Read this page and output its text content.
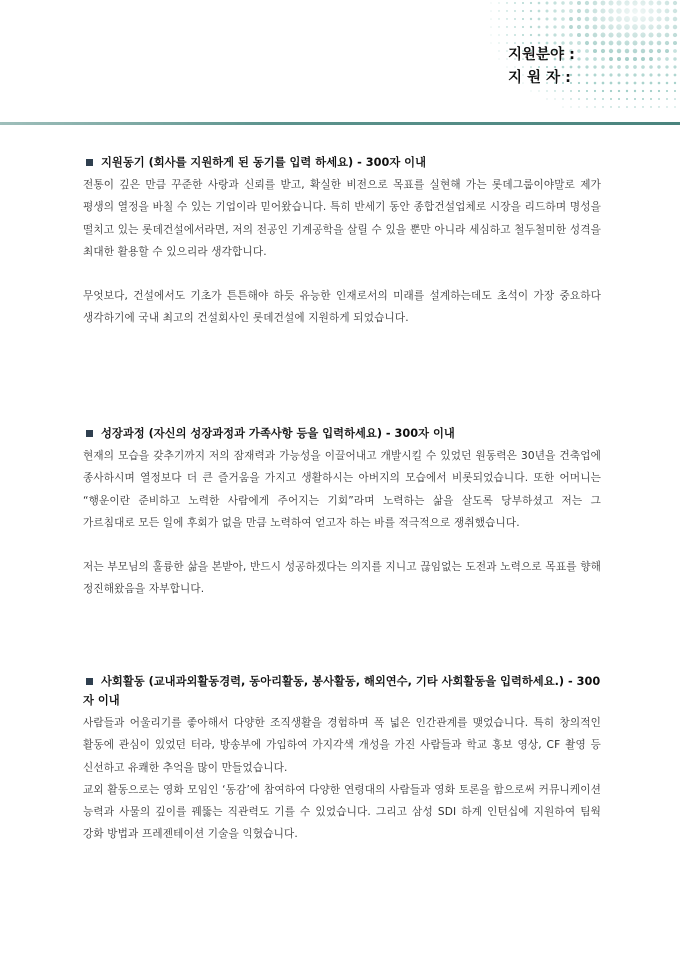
지원분야 :
지 원 자 :

지원동기 (회사를 지원하게 된 동기를 입력 하세요) - 300자 이내

전통이 깊은 만큼 꾸준한 사랑과 신뢰를 받고, 확실한 비전으로 목표를 실현해 가는 롯데그룹이야말로 제가 평생의 열정을 바칠 수 있는 기업이라 믿어왔습니다. 특히 반세기 동안 종합건설업체로 시장을 리드하며 명성을 떨치고 있는 롯데건설에서라면, 저의 전공인 기계공학을 살릴 수 있을 뿐만 아니라 세심하고 철두철미한 성격을 최대한 활용할 수 있으리라 생각합니다.

무엇보다, 건설에서도 기초가 튼튼해야 하듯 유능한 인재로서의 미래를 설계하는데도 초석이 가장 중요하다 생각하기에 국내 최고의 건설회사인 롯데건설에 지원하게 되었습니다.

성장과정 (자신의 성장과정과 가족사항 등을 입력하세요) - 300자 이내

현재의 모습을 갖추기까지 저의 잠재력과 가능성을 이끌어내고 개발시킬 수 있었던 원동력은 30년을 건축업에 종사하시며 열정보다 더 큰 즐거움을 가지고 생활하시는 아버지의 모습에서 비롯되었습니다. 또한 어머니는 “행운이란 준비하고 노력한 사람에게 주어지는 기회”라며 노력하는 삶을 살도록 당부하셨고 저는 그 가르침대로 모든 일에 후회가 없을 만큼 노력하여 얻고자 하는 바를 적극적으로 쟁취했습니다.

저는 부모님의 훌륭한 삶을 본받아, 반드시 성공하겠다는 의지를 지니고 끊임없는 도전과 노력으로 목표를 향해 정진해왔음을 자부합니다.

사회활동 (교내과외활동경력, 동아리활동, 봉사활동, 해외연수, 기타 사회활동을 입력하세요.) - 300자 이내

사람들과 어울리기를 좋아해서 다양한 조직생활을 경험하며 폭 넓은 인간관계를 맺었습니다. 특히 창의적인 활동에 관심이 있었던 터라, 방송부에 가입하여 가지각색 개성을 가진 사람들과 학교 홍보 영상, CF 촬영 등 신선하고 유쾌한 추억을 많이 만들었습니다.

교외 활동으로는 영화 모임인 ‘동감’에 참여하여 다양한 연령대의 사람들과 영화 토론을 함으로써 커뮤니케이션 능력과 사물의 깊이를 꿰뚫는 직관력도 기를 수 있었습니다. 그리고 삼성 SDI 하계 인턴십에 지원하여 팀웍 강화 방법과 프레젠테이션 기술을 익혔습니다.
